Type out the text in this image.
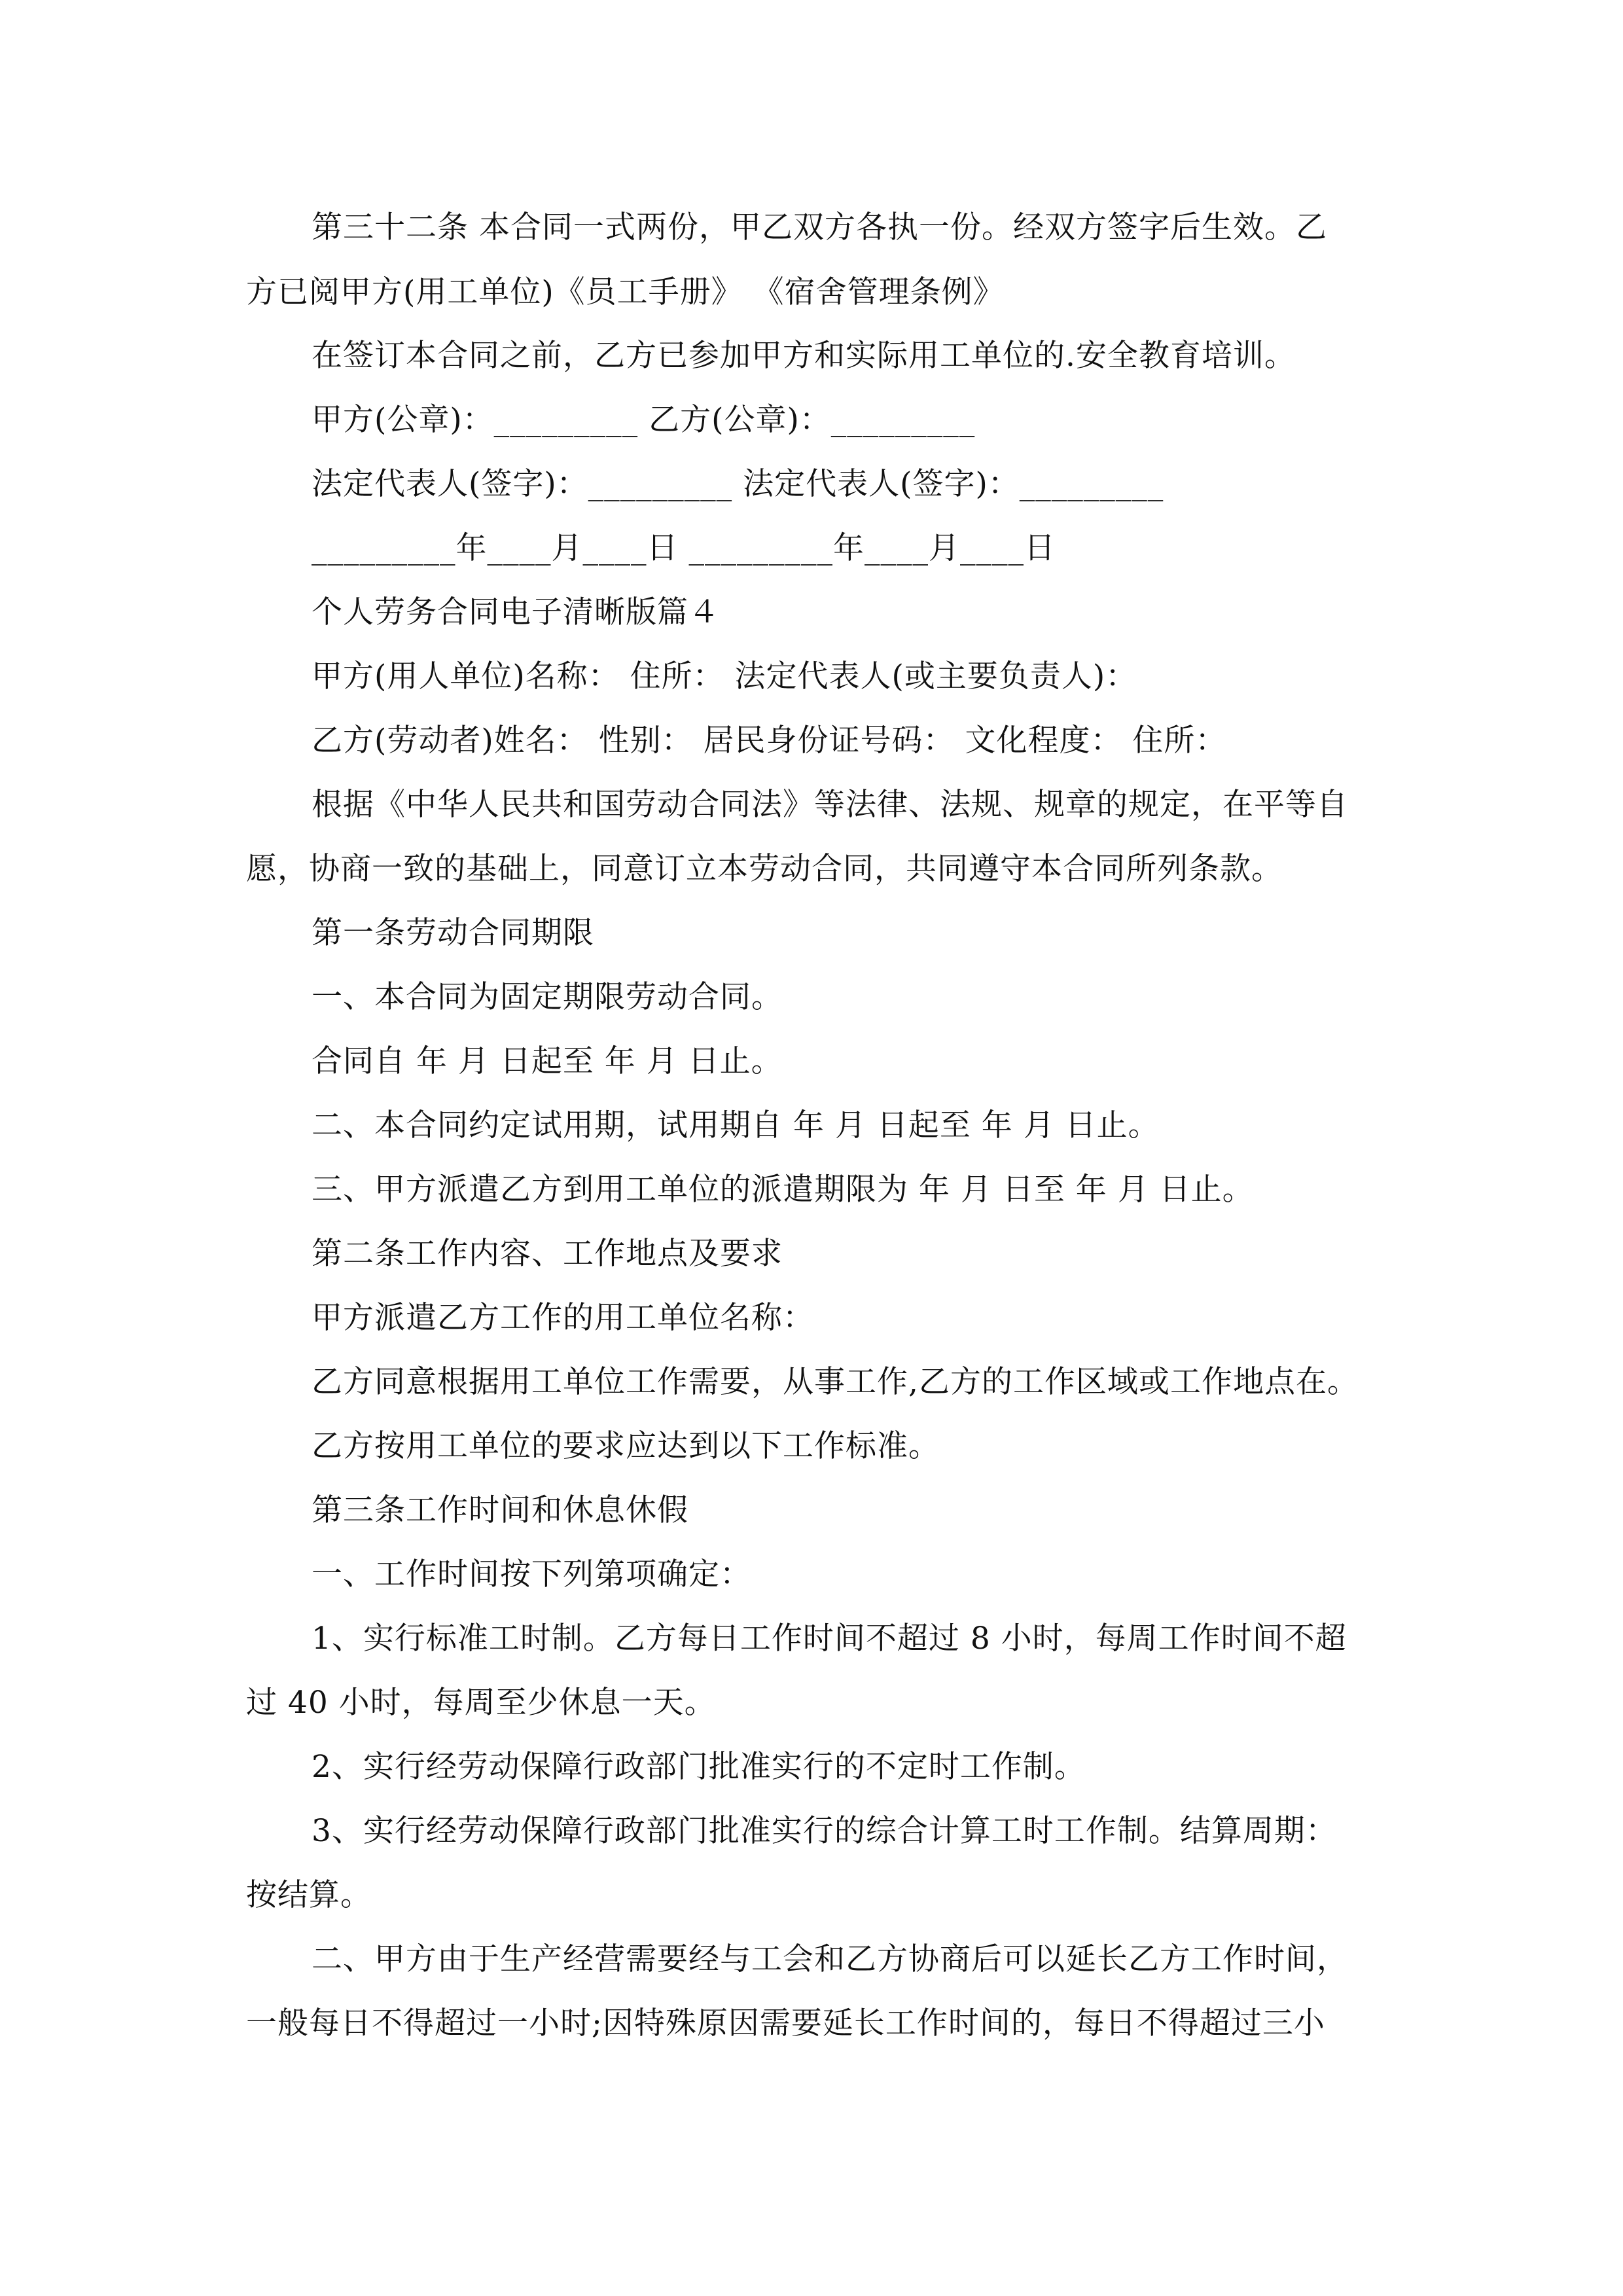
第三十二条 本合同一式两份，甲乙双方各执一份。经双方签字后生效。乙
方已阅甲方(用工单位)《员工手册》 《宿舍管理条例》
在签订本合同之前，乙方已参加甲方和实际用工单位的.安全教育培训。
甲方(公章)：_________ 乙方(公章)：_________
法定代表人(签字)：_________ 法定代表人(签字)：_________
_________年____月____日 _________年____月____日
个人劳务合同电子清晰版篇４
甲方(用人单位)名称： 住所： 法定代表人(或主要负责人)：
乙方(劳动者)姓名： 性别： 居民身份证号码： 文化程度： 住所：
根据《中华人民共和国劳动合同法》等法律、法规、规章的规定，在平等自
愿，协商一致的基础上，同意订立本劳动合同，共同遵守本合同所列条款。
第一条劳动合同期限
一、本合同为固定期限劳动合同。
合同自 年 月 日起至 年 月 日止。
二、本合同约定试用期，试用期自 年 月 日起至 年 月 日止。
三、甲方派遣乙方到用工单位的派遣期限为 年 月 日至 年 月 日止。
第二条工作内容、工作地点及要求
甲方派遣乙方工作的用工单位名称：
乙方同意根据用工单位工作需要，从事工作,乙方的工作区域或工作地点在。
乙方按用工单位的要求应达到以下工作标准。
第三条工作时间和休息休假
一、工作时间按下列第项确定：
1、实行标准工时制。乙方每日工作时间不超过 8 小时，每周工作时间不超
过 40 小时，每周至少休息一天。
2、实行经劳动保障行政部门批准实行的不定时工作制。
3、实行经劳动保障行政部门批准实行的综合计算工时工作制。结算周期：
按结算。
二、甲方由于生产经营需要经与工会和乙方协商后可以延长乙方工作时间，
一般每日不得超过一小时;因特殊原因需要延长工作时间的，每日不得超过三小
